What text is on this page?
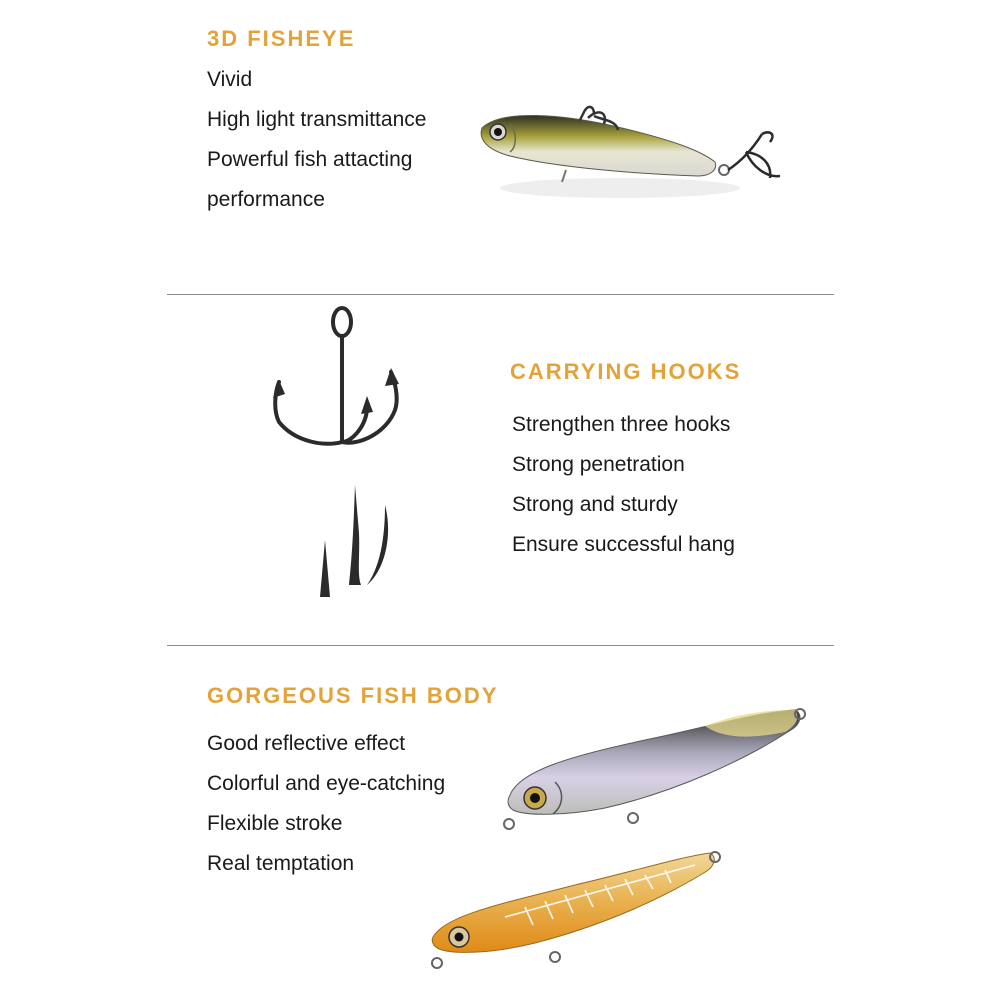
3D FISHEYE
Vivid
High light transmittance
Powerful fish attacting
performance
CARRYING HOOKS
Strengthen three hooks
Strong penetration
Strong and sturdy
Ensure successful hang
GORGEOUS FISH BODY
Good reflective effect
Colorful and eye-catching
Flexible stroke
Real temptation
